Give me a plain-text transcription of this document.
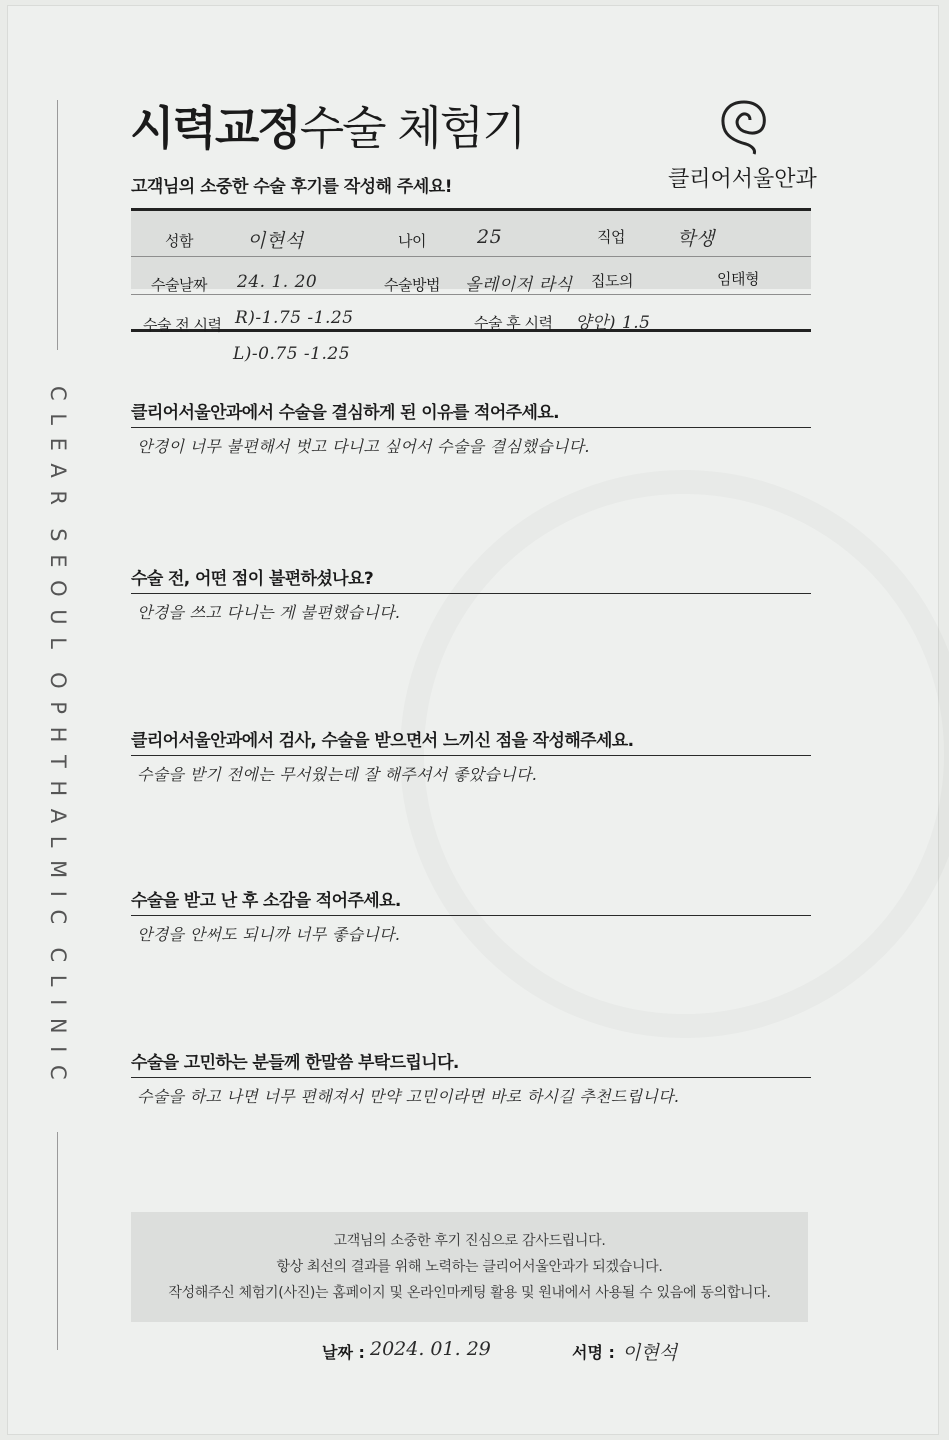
CLEAR SEOUL OPHTHALMIC CLINIC
시력교정수술 체험기
고객님의 소중한 수술 후기를 작성해 주세요!	클리어서울안과
성함	이현석	나이	25	직업	학생
수술날짜 24. 1. 20	수술방법 올레이저 라식 집도의	임태형
수술 전 시력 R)-1.75 -1.25	수술 후 시력 양안) 1.5
L)-0.75 -1.25
클리어서울안과에서 수술을 결심하게 된 이유를 적어주세요.
안경이 너무 불편해서 벗고 다니고 싶어서 수술을 결심했습니다.
수술 전, 어떤 점이 불편하셨나요?
안경을 쓰고 다니는 게 불편했습니다.
클리어서울안과에서 검사, 수술을 받으면서 느끼신 점을 작성해주세요.
수술을 받기 전에는 무서웠는데 잘 해주셔서 좋았습니다.
수술을 받고 난 후 소감을 적어주세요.
안경을 안써도 되니까 너무 좋습니다.
수술을 고민하는 분들께 한말씀 부탁드립니다.
수술을 하고 나면 너무 편해져서 만약 고민이라면 바로 하시길 추천드립니다.
고객님의 소중한 후기 진심으로 감사드립니다.
항상 최선의 결과를 위해 노력하는 클리어서울안과가 되겠습니다.
작성해주신 체험기(사진)는 홈페이지 및 온라인마케팅 활용 및 원내에서 사용될 수 있음에 동의합니다.
날짜 : 2024. 01. 29	서명 : 이현석
